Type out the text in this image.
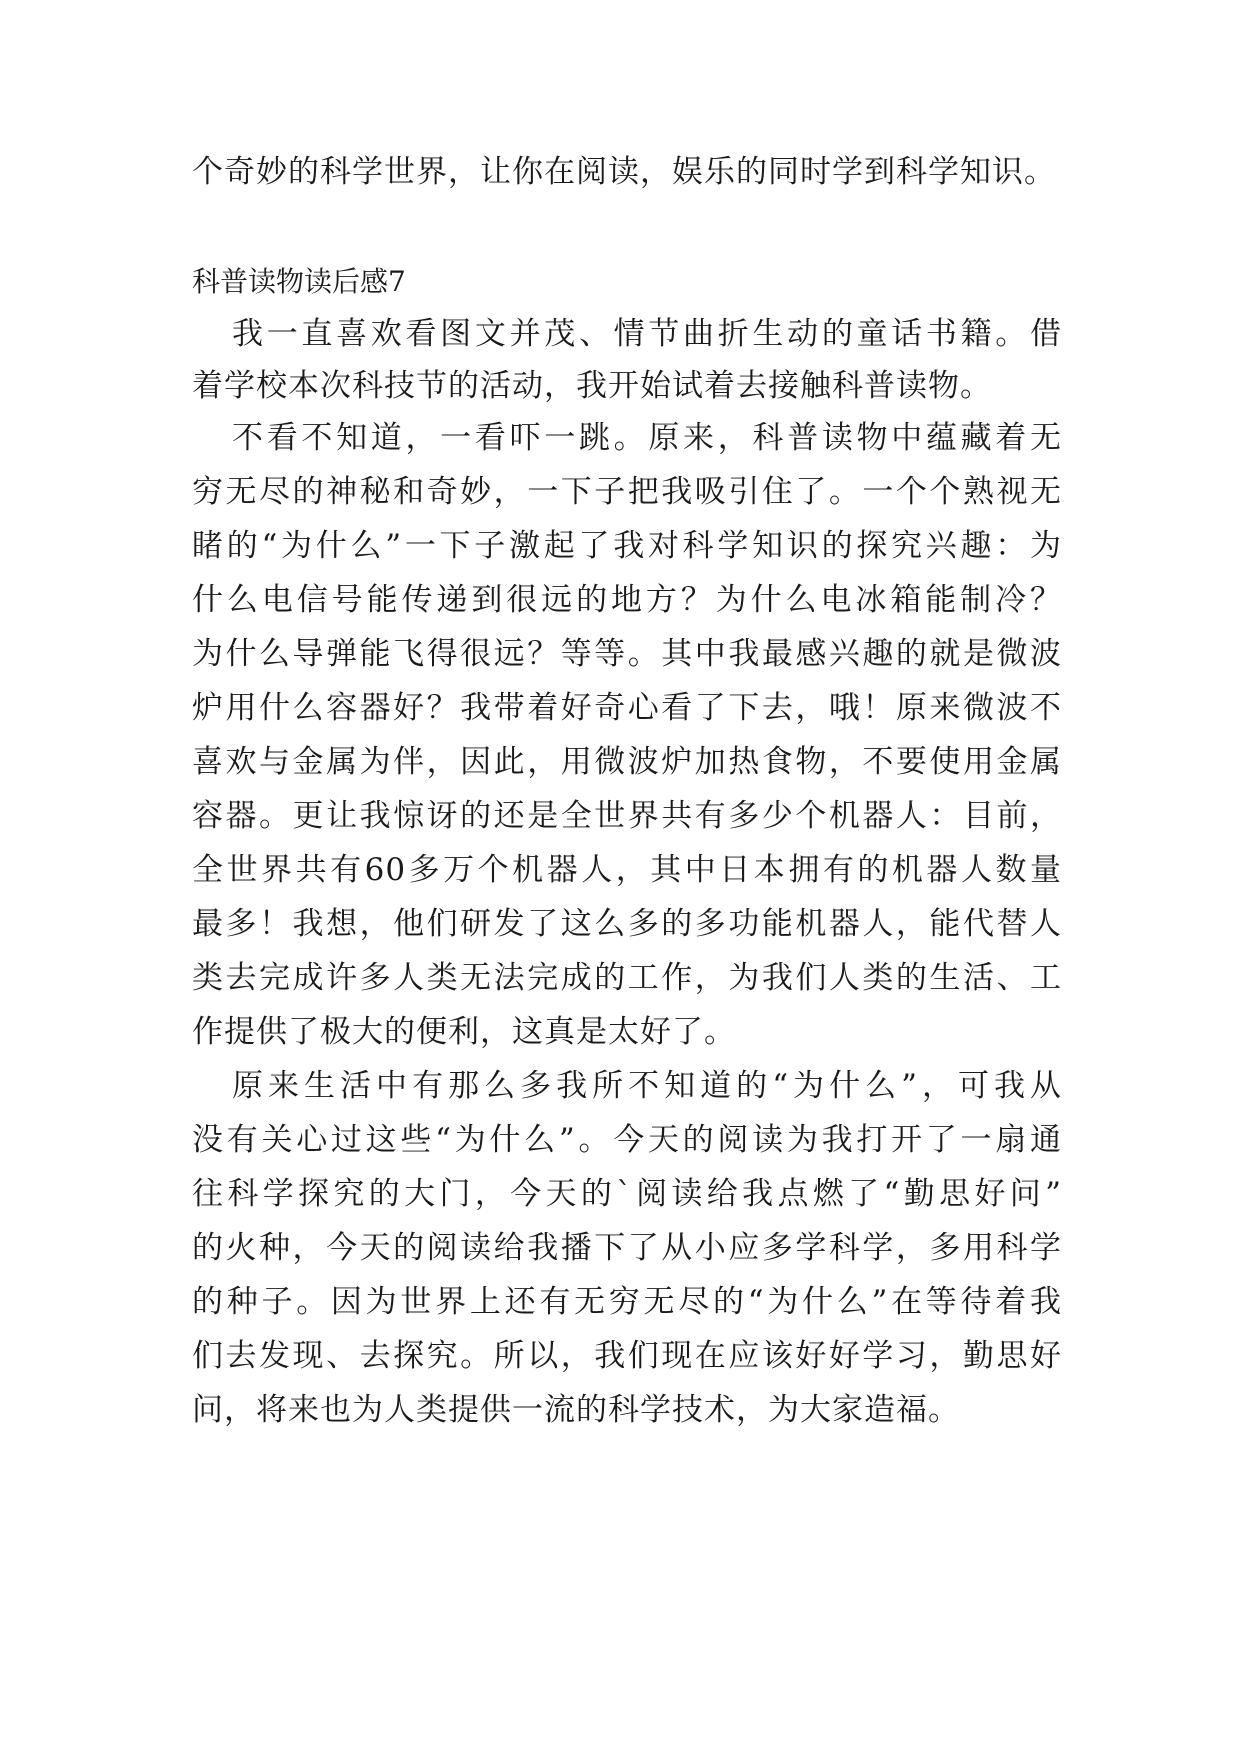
个奇妙的科学世界，让你在阅读，娱乐的同时学到科学知识。
科普读物读后感7
我一直喜欢看图文并茂、情节曲折生动的童话书籍。借
着学校本次科技节的活动，我开始试着去接触科普读物。
不看不知道，一看吓一跳。原来，科普读物中蕴藏着无
穷无尽的神秘和奇妙，一下子把我吸引住了。一个个熟视无
睹的“为什么”一下子激起了我对科学知识的探究兴趣：为
什么电信号能传递到很远的地方？为什么电冰箱能制冷？
为什么导弹能飞得很远？等等。其中我最感兴趣的就是微波
炉用什么容器好？我带着好奇心看了下去，哦！原来微波不
喜欢与金属为伴，因此，用微波炉加热食物，不要使用金属
容器。更让我惊讶的还是全世界共有多少个机器人：目前，
全世界共有60多万个机器人，其中日本拥有的机器人数量
最多！我想，他们研发了这么多的多功能机器人，能代替人
类去完成许多人类无法完成的工作，为我们人类的生活、工
作提供了极大的便利，这真是太好了。
原来生活中有那么多我所不知道的“为什么”，可我从
没有关心过这些“为什么”。今天的阅读为我打开了一扇通
往科学探究的大门，今天的`阅读给我点燃了“勤思好问”
的火种，今天的阅读给我播下了从小应多学科学，多用科学
的种子。因为世界上还有无穷无尽的“为什么”在等待着我
们去发现、去探究。所以，我们现在应该好好学习，勤思好
问，将来也为人类提供一流的科学技术，为大家造福。
